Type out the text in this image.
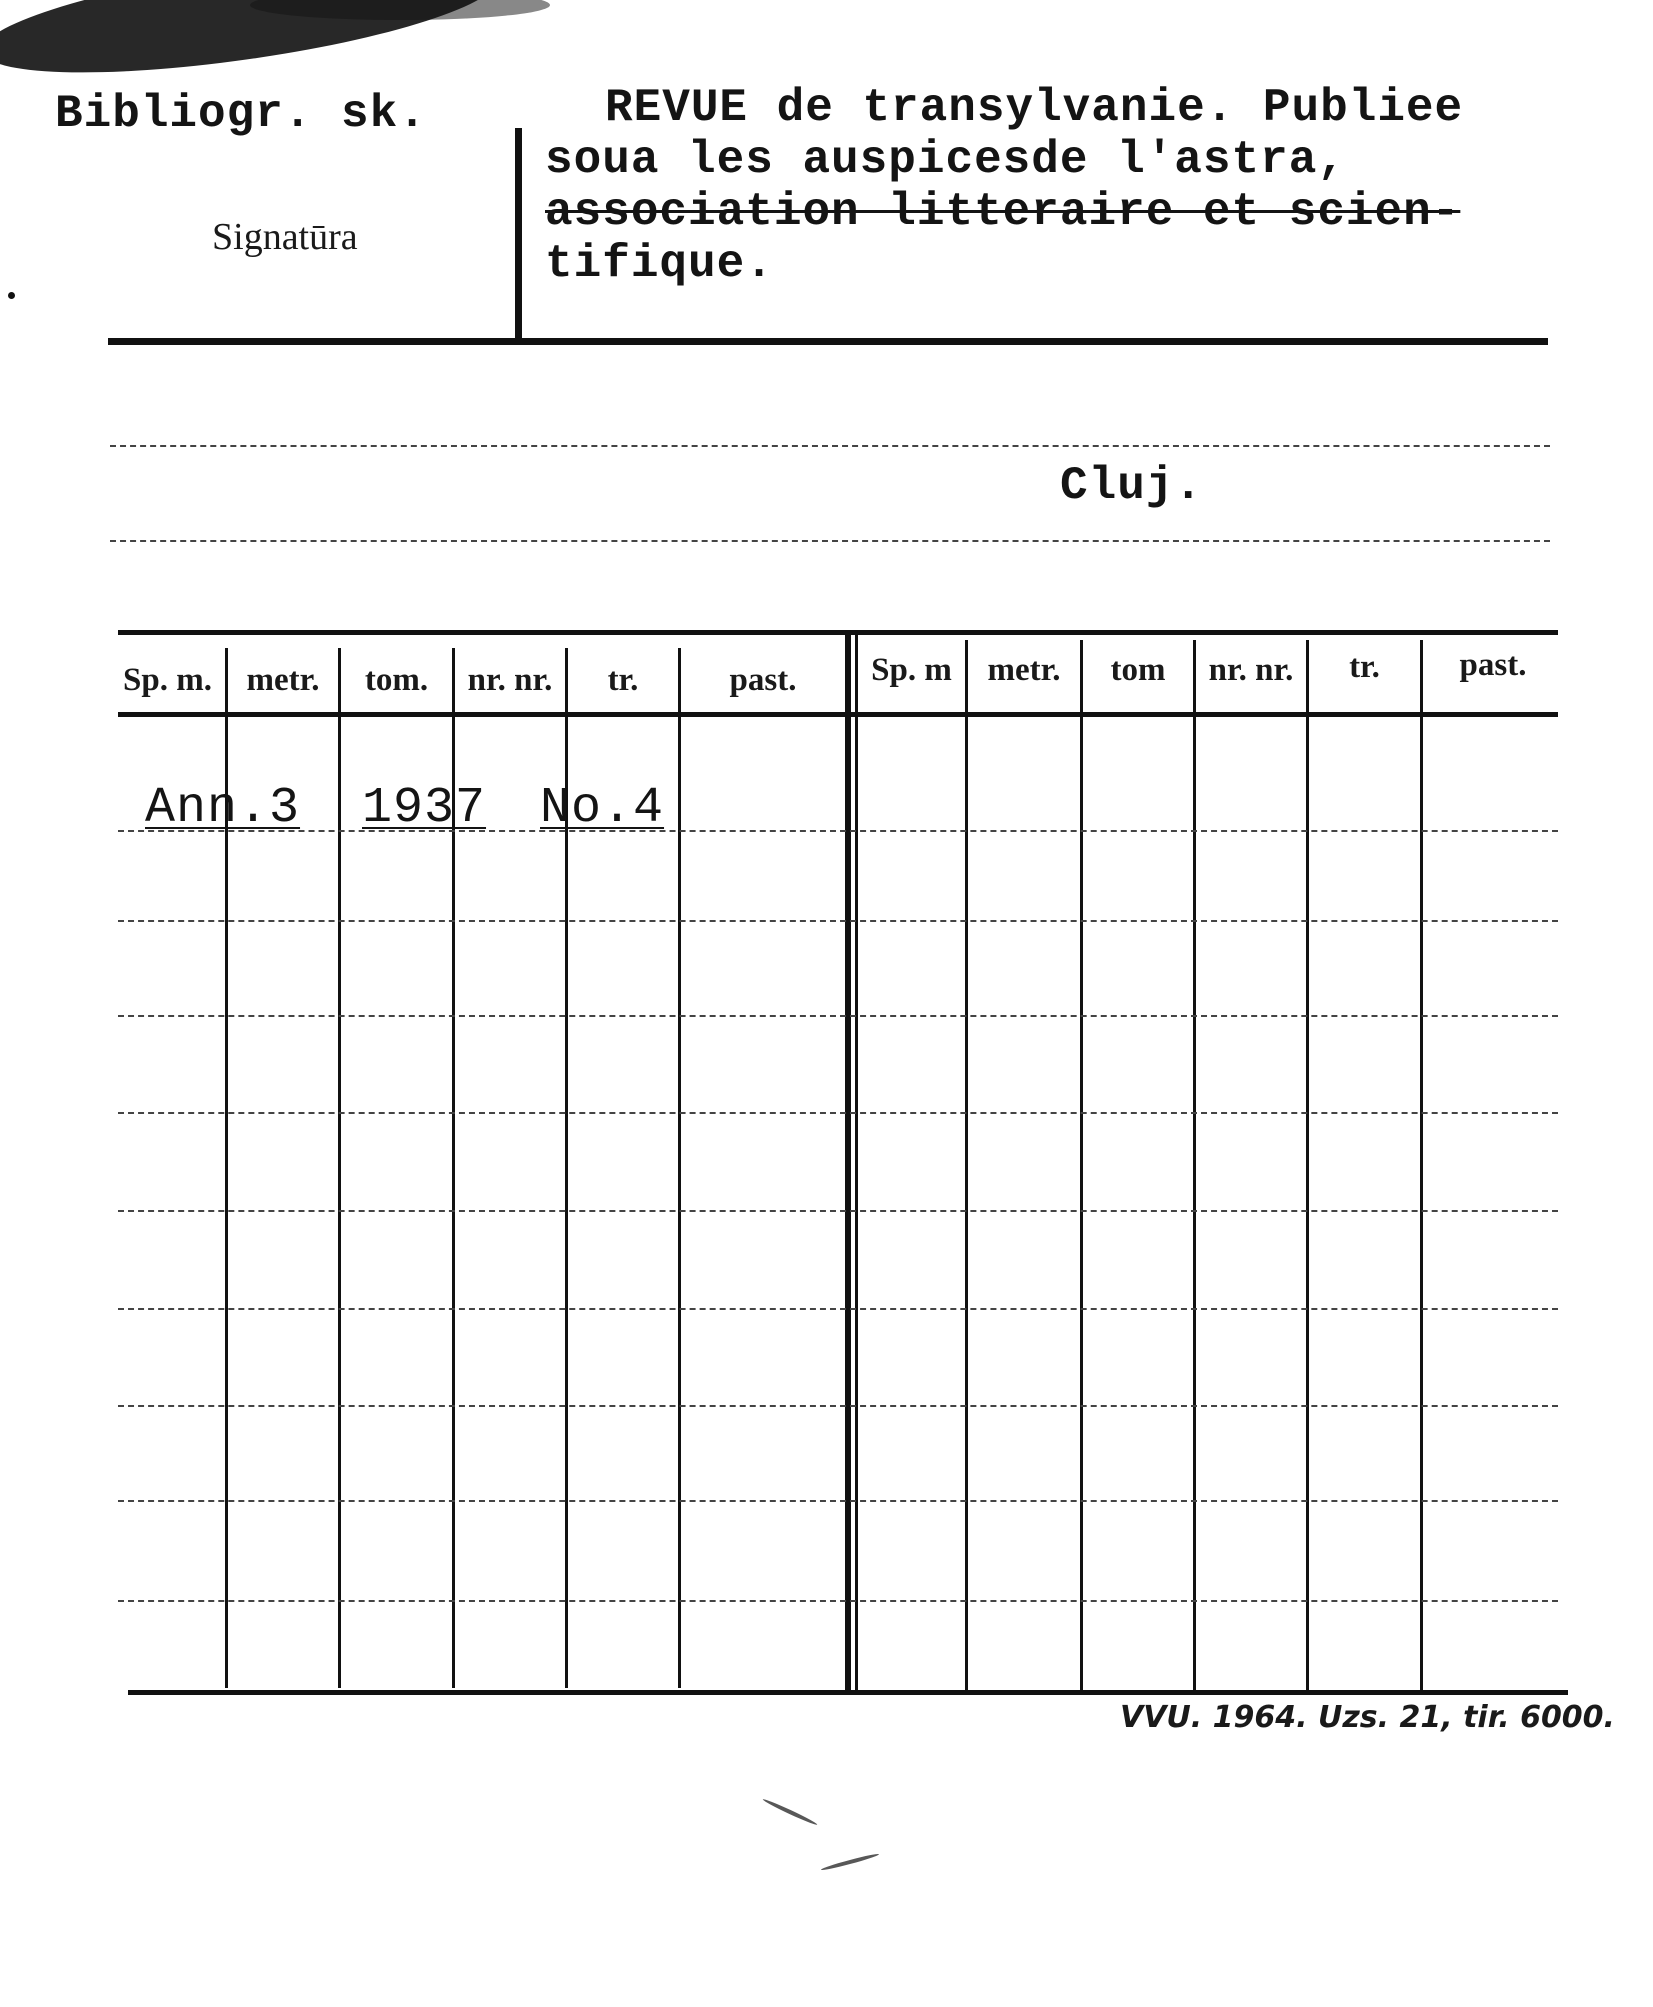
Bibliogr. sk.
Signatūra
REVUE de transylvanie. Publiee
soua les auspicesde l'astra,
association litteraire et scien-
tifique.
Cluj.
Sp. m.	metr.	tom.	nr. nr.	tr.	past.	Sp. m	metr.	tom	nr. nr.	tr.	past.
Ann.3 1937 No.4
VVU. 1964. Uzs. 21, tir. 6000.
